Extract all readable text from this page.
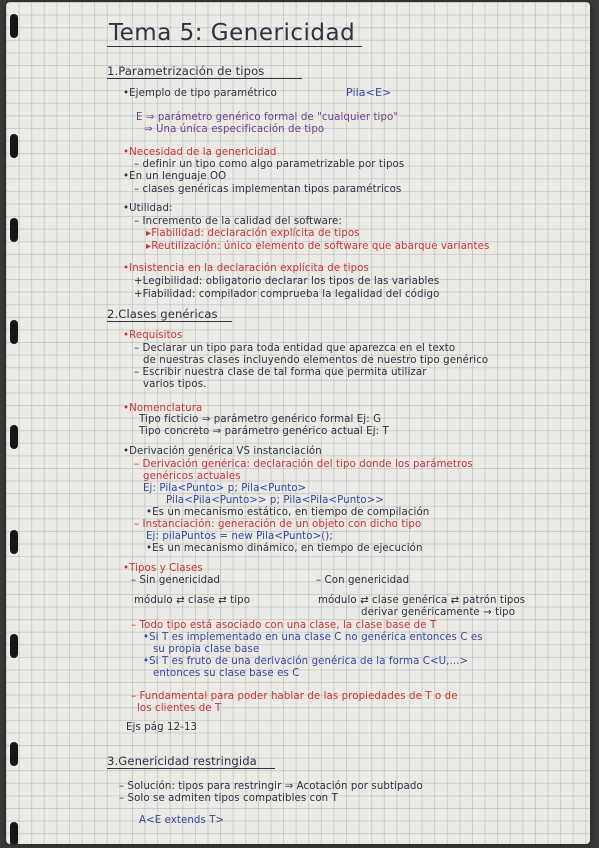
Tema 5: Genericidad
1.Parametrización de tipos
•Ejemplo de tipo paramétrico	Pila<E>
E ⇒ parámetro genérico formal de "cualquier tipo"
⇒ Una única especificación de tipo
•Necesidad de la genericidad
– definir un tipo como algo parametrizable por tipos
•En un lenguaje OO
– clases genéricas implementan tipos paramétricos
•Utilidad:
– Incremento de la calidad del software:
▸Fiabilidad: declaración explícita de tipos
▸Reutilización: único elemento de software que abarque variantes
•Insistencia en la declaración explícita de tipos
+Legibilidad: obligatorio declarar los tipos de las variables
+Fiabilidad: compilador comprueba la legalidad del código
2.Clases genéricas
•Requisitos
– Declarar un tipo para toda entidad que aparezca en el texto
de nuestras clases incluyendo elementos de nuestro tipo genérico
– Escribir nuestra clase de tal forma que permita utilizar
varios tipos.
•Nomenclatura
Tipo ficticio ⇒ parámetro genérico formal Ej: G
Tipo concreto ⇒ parámetro genérico actual Ej: T
•Derivación genérica VS instanciación
– Derivación genérica: declaración del tipo donde los parámetros
genéricos actuales
Ej: Pila<Punto> p; Pila<Punto>
Pila<Pila<Punto>> p; Pila<Pila<Punto>>
•Es un mecanismo estático, en tiempo de compilación
– Instanciación: generación de un objeto con dicho tipo
Ej: pilaPuntos = new Pila<Punto>();
•Es un mecanismo dinámico, en tiempo de ejecución
•Tipos y Clases
– Sin genericidad	– Con genericidad
módulo ⇄ clase ⇄ tipo	módulo ⇄ clase genérica ⇄ patrón tipos
derivar genéricamente → tipo
– Todo tipo está asociado con una clase, la clase base de T
•Si T es implementado en una clase C no genérica entonces C es
su propia clase base
•Si T es fruto de una derivación genérica de la forma C<U,...>
entonces su clase base es C
– Fundamental para poder hablar de las propiedades de T o de
los clientes de T
Ejs pág 12-13
3.Genericidad restringida
– Solución: tipos para restringir ⇒ Acotación por subtipado
– Solo se admiten tipos compatibles con T
A<E extends T>
